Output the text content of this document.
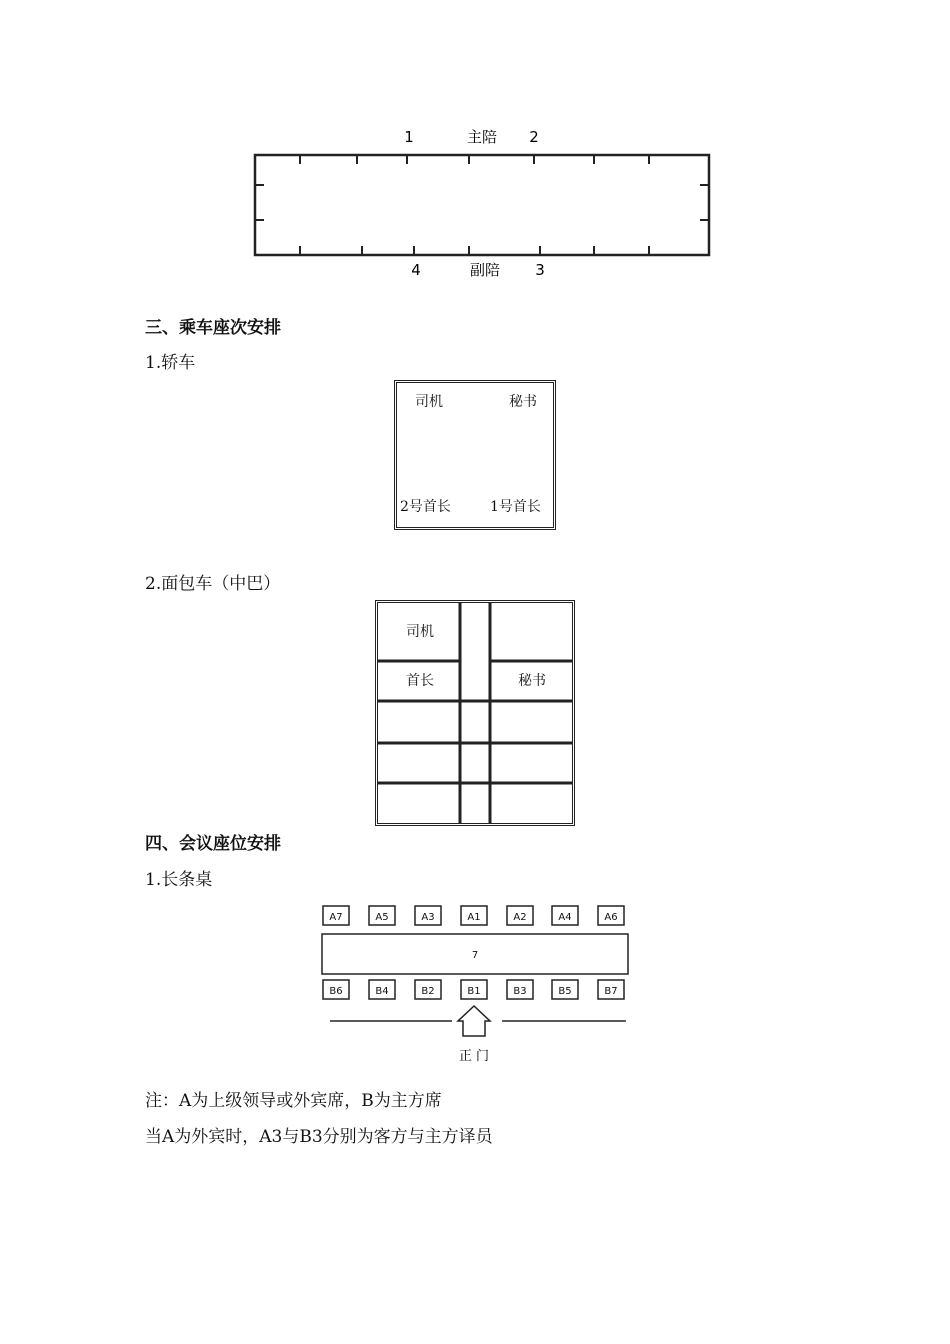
1	主陪 2
4	副陪 3
三、乘车座次安排
1.轿车
司机	秘书
2号首长	1号首长
2.面包车（中巴）
司机
首长	秘书
四、会议座位安排
1.长条桌
A7	A5	A3	A1	A2	A4	A6
7
B6	B4	B2	B1	B3	B5	B7
正 门
注：A为上级领导或外宾席，B为主方席
当A为外宾时，A3与B3分别为客方与主方译员
